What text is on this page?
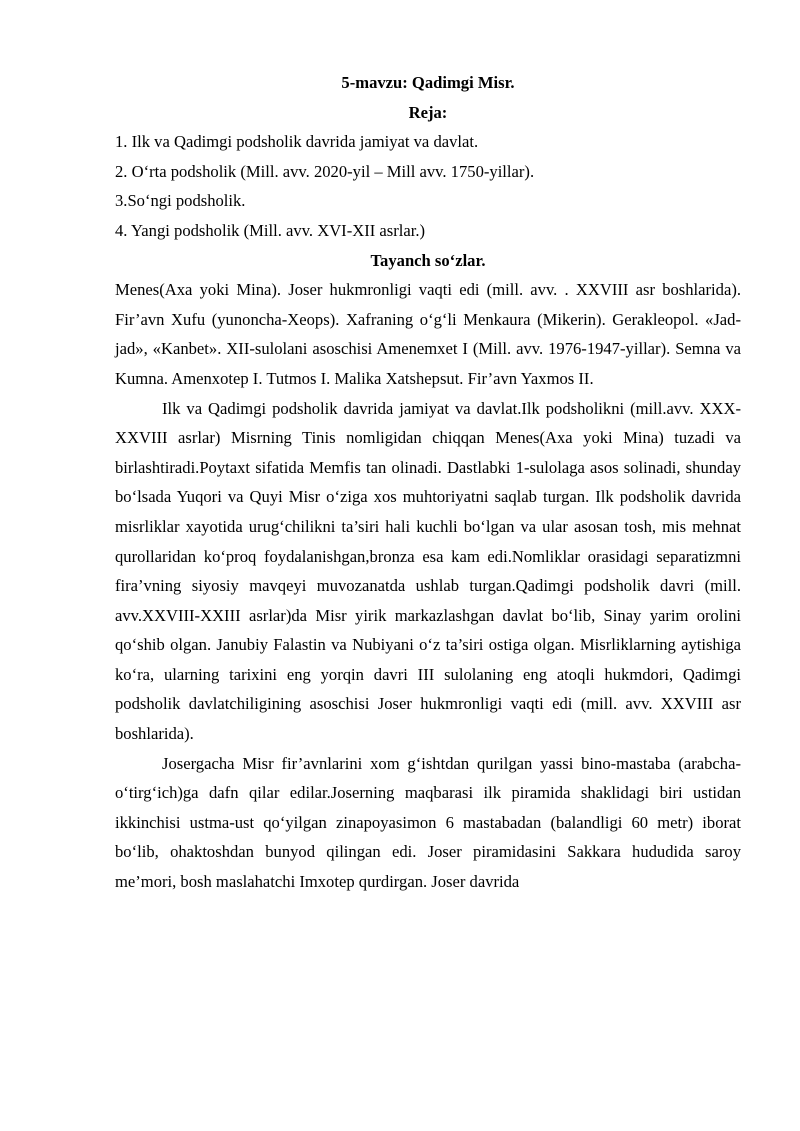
5-mavzu: Qadimgi Misr.

Reja:

1. Ilk va Qadimgi podsholik davrida jamiyat va davlat.

2. O‘rta podsholik (Mill. avv. 2020-yil – Mill avv. 1750-yillar).

3.So‘ngi podsholik.

4. Yangi podsholik (Mill. avv. XVI-XII asrlar.)

Tayanch so‘zlar.

Menes(Axa yoki Mina). Joser hukmronligi vaqti edi (mill. avv. . XXVIII asr boshlarida). Fir’avn Xufu (yunoncha-Xeops). Xafraning o‘g‘li Menkaura (Mikerin). Gerakleopol. «Jad-jad», «Kanbet». XII-sulolani asoschisi Amenemxet I (Mill. avv. 1976-1947-yillar). Semna va Kumna. Amenxotep I. Tutmos I. Malika Xatshepsut. Fir’avn Yaxmos II.

Ilk va Qadimgi podsholik davrida jamiyat va davlat.Ilk podsholikni (mill.avv. XXX-XXVIII asrlar) Misrning Tinis nomligidan chiqqan Menes(Axa yoki Mina) tuzadi va birlashtiradi.Poytaxt sifatida Memfis tan olinadi. Dastlabki 1-sulolaga asos solinadi, shunday bo‘lsada Yuqori va Quyi Misr o‘ziga xos muhtoriyatni saqlab turgan. Ilk podsholik davrida misrliklar xayotida urug‘chilikni ta’siri hali kuchli bo‘lgan va ular asosan tosh, mis mehnat qurollaridan ko‘proq foydalanishgan,bronza esa kam edi.Nomliklar orasidagi separatizmni fira’vning siyosiy mavqeyi muvozanatda ushlab turgan.Qadimgi podsholik davri (mill. avv.XXVIII-XXIII asrlar)da Misr yirik markazlashgan davlat bo‘lib, Sinay yarim orolini qo‘shib olgan. Janubiy Falastin va Nubiyani o‘z ta’siri ostiga olgan. Misrliklarning aytishiga ko‘ra, ularning tarixini eng yorqin davri III sulolaning eng atoqli hukmdori, Qadimgi podsholik davlatchiligining asoschisi Joser hukmronligi vaqti edi (mill. avv. XXVIII asr boshlarida).

Josergacha Misr fir’avnlarini xom g‘ishtdan qurilgan yassi bino-mastaba (arabcha-o‘tirg‘ich)ga dafn qilar edilar.Joserning maqbarasi ilk piramida shaklidagi biri ustidan ikkinchisi ustma-ust qo‘yilgan zinapoyasimon 6 mastabadan (balandligi 60 metr) iborat bo‘lib, ohaktoshdan bunyod qilingan edi. Joser piramidasini Sakkara hududida saroy me’mori, bosh maslahatchi Imxotep qurdirgan. Joser davrida
